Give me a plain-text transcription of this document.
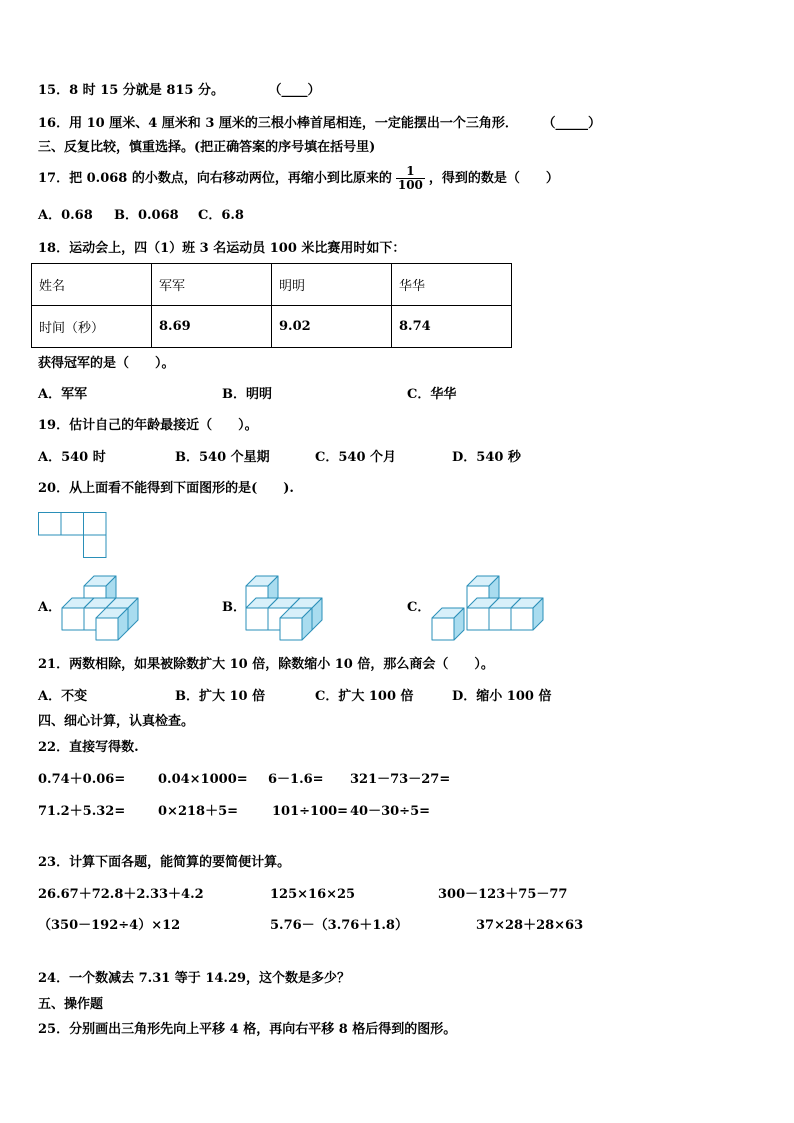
15．8 时 15 分就是 815 分。	（____）
16．用 10 厘米、4 厘米和 3 厘米的三根小棒首尾相连，一定能摆出一个三角形． （_____）
三、反复比较，慎重选择。(把正确答案的序号填在括号里)
17．把 0.068 的小数点，向右移动两位，再缩小到比原来的 $\frac{1}{100}$ ，得到的数是（　　）
A．0.68 B．0.068 C．6.8
18．运动会上，四（1）班 3 名运动员 100 米比赛用时如下：
姓名	军军	明明	华华
时间（秒）	8.69	9.02	8.74
获得冠军的是（　　）。
A．军军	B．明明	C．华华
19．估计自己的年龄最接近（　　）。
A．540 时	B．540 个星期	C．540 个月	D．540 秒
20．从上面看不能得到下面图形的是(　　).
A．	B．	C．
21．两数相除，如果被除数扩大 10 倍，除数缩小 10 倍，那么商会（　　）。
A．不变	B．扩大 10 倍	C．扩大 100 倍	D．缩小 100 倍
四、细心计算，认真检查。
22．直接写得数.
0.74＋0.06=	0.04×1000= 6－1.6= 321－73－27=
71.2＋5.32=	0×218＋5=	101÷100= 40－30÷5=
23．计算下面各题，能简算的要简便计算。
26.67＋72.8＋2.33＋4.2	125×16×25	300－123＋75－77
（350－192÷4）×12	5.76－（3.76＋1.8）	37×28＋28×63
24．一个数减去 7.31 等于 14.29，这个数是多少？
五、操作题
25．分别画出三角形先向上平移 4 格，再向右平移 8 格后得到的图形。
